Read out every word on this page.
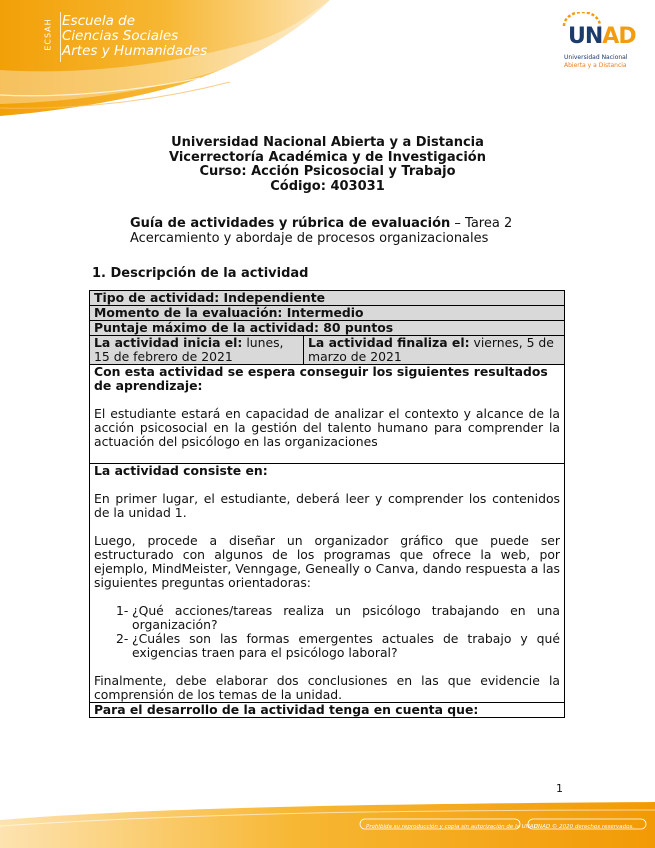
ECSAH Escuela de
Ciencias Sociales
Artes y Humanidades
UNAD
Universidad Nacional
Abierta y a Distancia
Universidad Nacional Abierta y a Distancia
Vicerrectoría Académica y de Investigación
Curso: Acción Psicosocial y Trabajo
Código: 403031
Guía de actividades y rúbrica de evaluación – Tarea 2
Acercamiento y abordaje de procesos organizacionales
1. Descripción de la actividad
Tipo de actividad: Independiente
Momento de la evaluación: Intermedio
Puntaje máximo de la actividad: 80 puntos
La actividad inicia el: lunes, 15 de febrero de 2021	La actividad finaliza el: viernes, 5 de marzo de 2021

Con esta actividad se espera conseguir los siguientes resultados de aprendizaje:
El estudiante estará en capacidad de analizar el contexto y alcance de la acción psicosocial en la gestión del talento humano para comprender la actuación del psicólogo en las organizaciones

La actividad consiste en:
En primer lugar, el estudiante, deberá leer y comprender los contenidos de la unidad 1.
Luego, procede a diseñar un organizador gráfico que puede ser estructurado con algunos de los programas que ofrece la web, por ejemplo, MindMeister, Venngage, Geneally o Canva, dando respuesta a las siguientes preguntas orientadoras:
1- ¿Qué acciones/tareas realiza un psicólogo trabajando en una organización?
2- ¿Cuáles son las formas emergentes actuales de trabajo y qué exigencias traen para el psicólogo laboral?
Finalmente, debe elaborar dos conclusiones en las que evidencie la comprensión de los temas de la unidad.

Para el desarrollo de la actividad tenga en cuenta que:
1
Prohibida su reproducción y copia sin autorización de la UNAD.
UNAD © 2020 derechos reservados.
